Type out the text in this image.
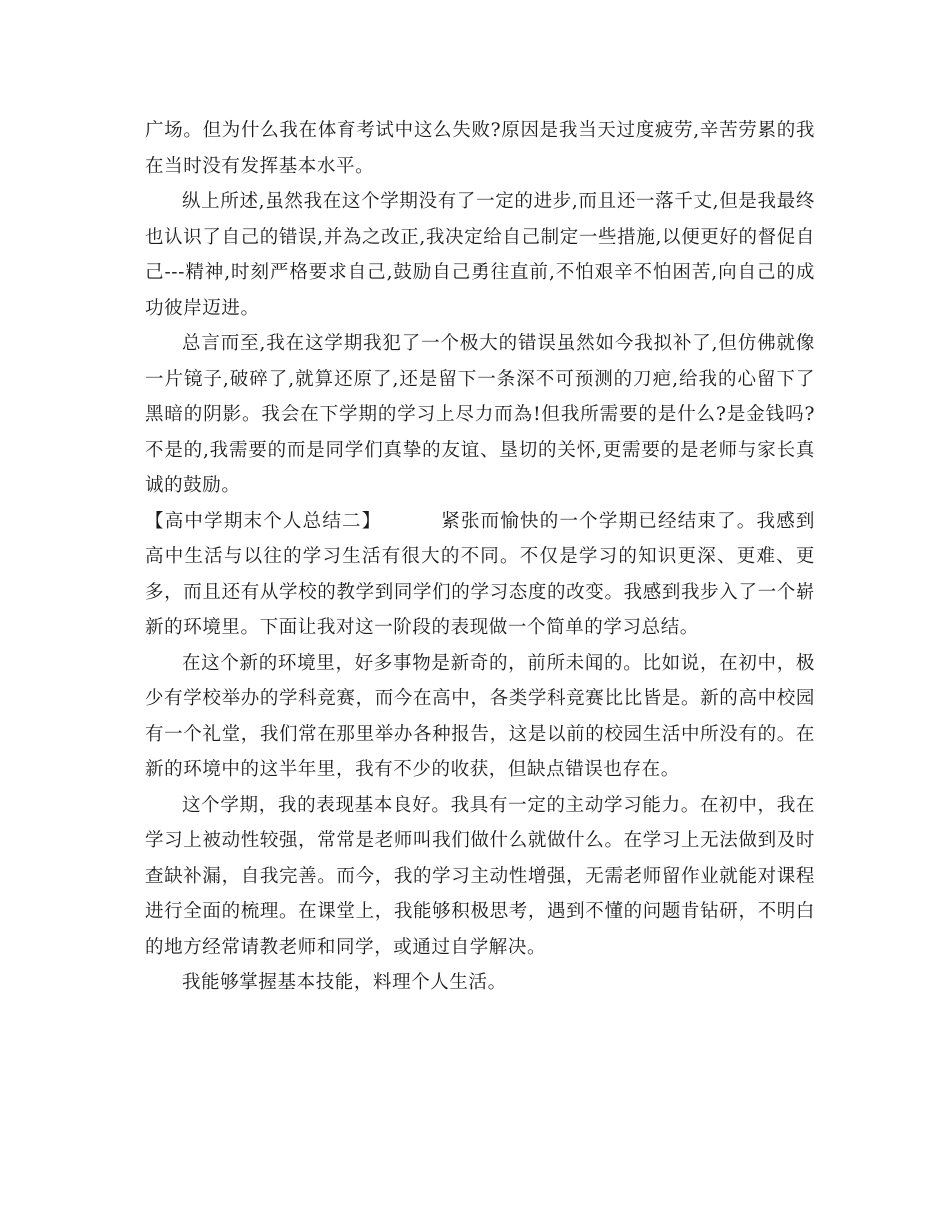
广场。但为什么我在体育考试中这么失败?原因是我当天过度疲劳,辛苦劳累的我在当时没有发挥基本水平。

纵上所述,虽然我在这个学期没有了一定的进步,而且还一落千丈,但是我最终也认识了自己的错误,并為之改正,我决定给自己制定一些措施,以便更好的督促自己---精神,时刻严格要求自己,鼓励自己勇往直前,不怕艰辛不怕困苦,向自己的成功彼岸迈进。

总言而至,我在这学期我犯了一个极大的错误虽然如今我拟补了,但仿佛就像一片镜子,破碎了,就算还原了,还是留下一条深不可预测的刀疤,给我的心留下了黑暗的阴影。我会在下学期的学习上尽力而為!但我所需要的是什么?是金钱吗?不是的,我需要的而是同学们真挚的友谊、垦切的关怀,更需要的是老师与家长真诚的鼓励。

【高中学期末个人总结二】	紧张而愉快的一个学期已经结束了。我感到高中生活与以往的学习生活有很大的不同。不仅是学习的知识更深、更难、更多，而且还有从学校的教学到同学们的学习态度的改变。我感到我步入了一个崭新的环境里。下面让我对这一阶段的表现做一个简单的学习总结。

在这个新的环境里，好多事物是新奇的，前所未闻的。比如说，在初中，极少有学校举办的学科竞赛，而今在高中，各类学科竞赛比比皆是。新的高中校园有一个礼堂，我们常在那里举办各种报告，这是以前的校园生活中所没有的。在新的环境中的这半年里，我有不少的收获，但缺点错误也存在。

这个学期，我的表现基本良好。我具有一定的主动学习能力。在初中，我在学习上被动性较强，常常是老师叫我们做什么就做什么。在学习上无法做到及时查缺补漏，自我完善。而今，我的学习主动性增强，无需老师留作业就能对课程进行全面的梳理。在课堂上，我能够积极思考，遇到不懂的问题肯钻研，不明白的地方经常请教老师和同学，或通过自学解决。

我能够掌握基本技能，料理个人生活。
